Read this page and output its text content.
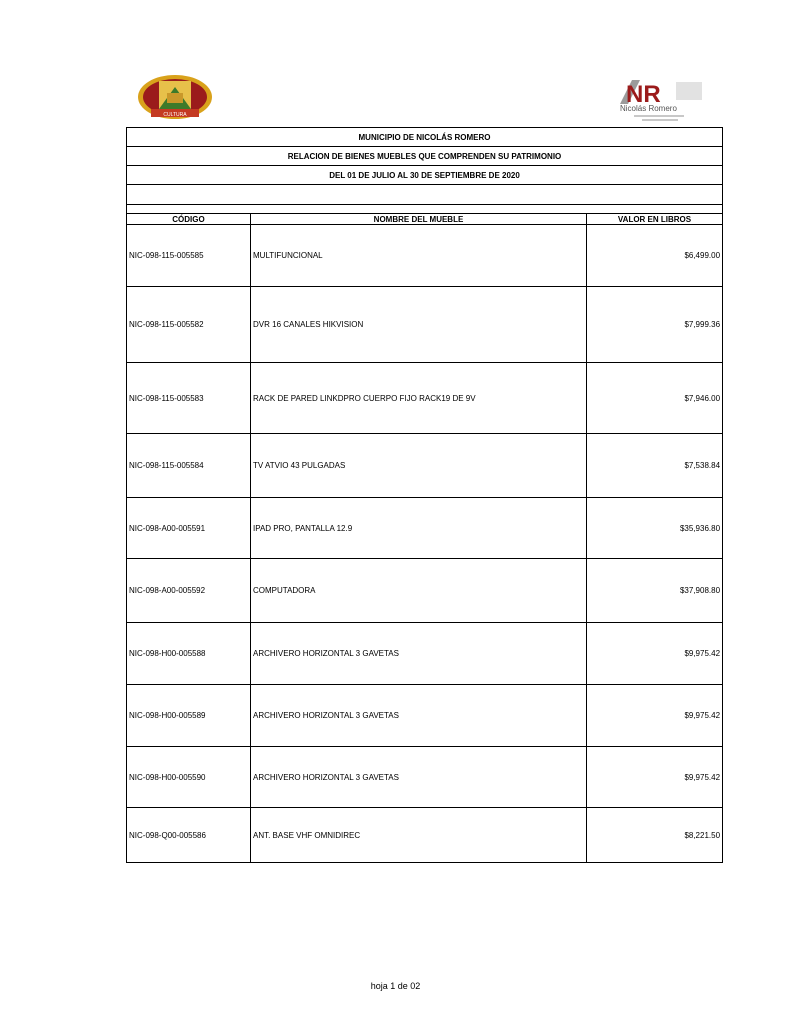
CULTURA
NR
Nicolás Romero
MUNICIPIO DE NICOLÁS ROMERO		
RELACION DE BIENES MUEBLES QUE COMPRENDEN SU PATRIMONIO		
DEL 01 DE JULIO AL 30 DE SEPTIEMBRE DE 2020		

CÓDIGO	NOMBRE DEL MUEBLE	VALOR EN LIBROS
NIC-098-115-005585	MULTIFUNCIONAL	$6,499.00
NIC-098-115-005582	DVR 16 CANALES HIKVISION	$7,999.36
NIC-098-115-005583	RACK DE PARED LINKDPRO CUERPO FIJO RACK19 DE 9V	$7,946.00
NIC-098-115-005584	TV ATVIO 43 PULGADAS	$7,538.84
NIC-098-A00-005591	IPAD PRO, PANTALLA 12.9	$35,936.80
NIC-098-A00-005592	COMPUTADORA	$37,908.80
NIC-098-H00-005588	ARCHIVERO HORIZONTAL 3 GAVETAS	$9,975.42
NIC-098-H00-005589	ARCHIVERO HORIZONTAL 3 GAVETAS	$9,975.42
NIC-098-H00-005590	ARCHIVERO HORIZONTAL 3 GAVETAS	$9,975.42
NIC-098-Q00-005586	ANT. BASE VHF OMNIDIREC	$8,221.50
hoja 1 de 02
